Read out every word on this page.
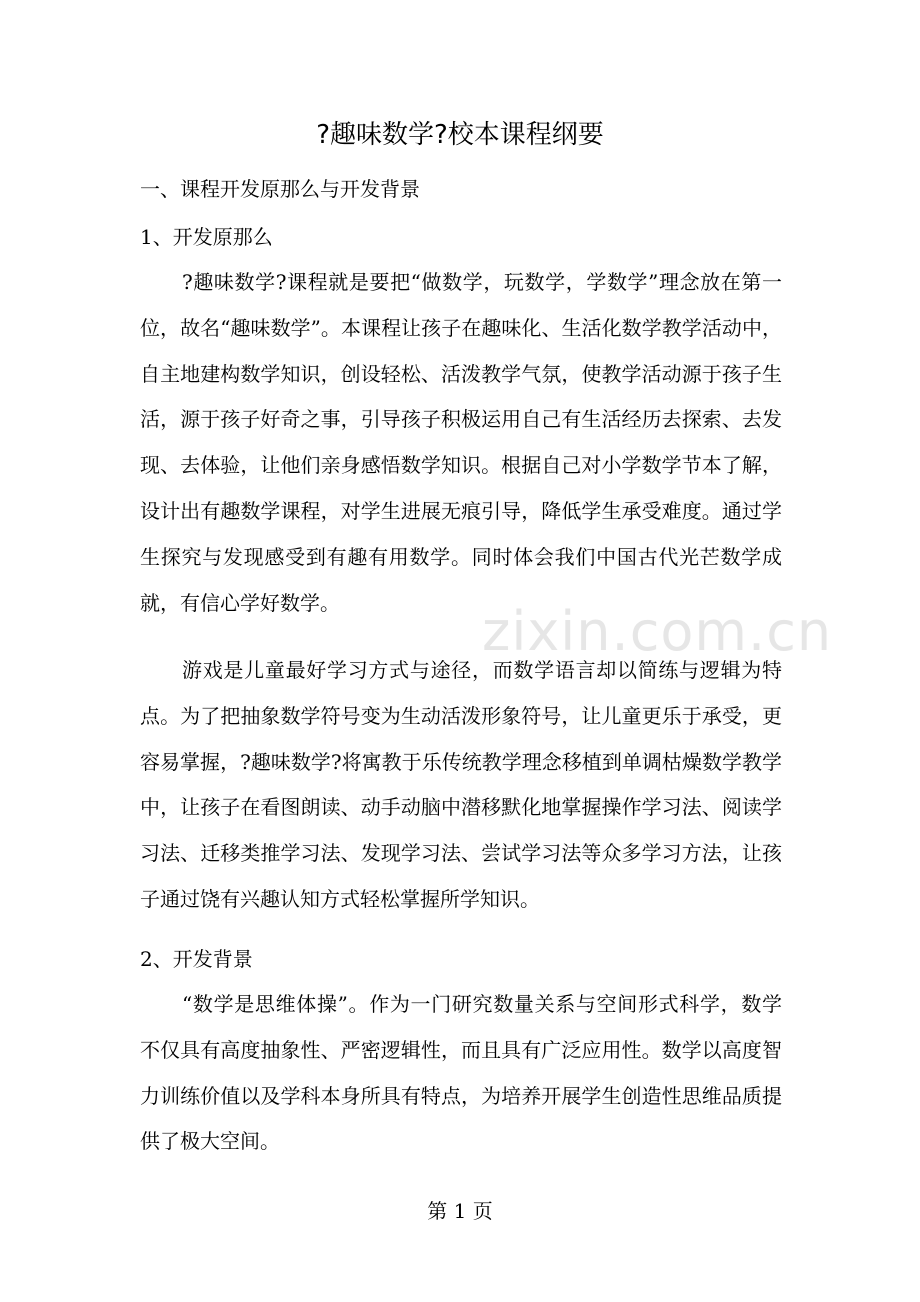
?趣味数学?校本课程纲要
一、课程开发原那么与开发背景
1、开发原那么
?趣味数学?课程就是要把“做数学，玩数学，学数学”理念放在第一位，故名“趣味数学”。本课程让孩子在趣味化、生活化数学教学活动中，自主地建构数学知识，创设轻松、活泼教学气氛，使教学活动源于孩子生活，源于孩子好奇之事，引导孩子积极运用自己有生活经历去探索、去发现、去体验，让他们亲身感悟数学知识。根据自己对小学数学节本了解，设计出有趣数学课程，对学生进展无痕引导，降低学生承受难度。通过学生探究与发现感受到有趣有用数学。同时体会我们中国古代光芒数学成就，有信心学好数学。
游戏是儿童最好学习方式与途径，而数学语言却以简练与逻辑为特点。为了把抽象数学符号变为生动活泼形象符号，让儿童更乐于承受，更容易掌握，?趣味数学?将寓教于乐传统教学理念移植到单调枯燥数学教学中，让孩子在看图朗读、动手动脑中潜移默化地掌握操作学习法、阅读学习法、迁移类推学习法、发现学习法、尝试学习法等众多学习方法，让孩子通过饶有兴趣认知方式轻松掌握所学知识。
2、开发背景
“数学是思维体操”。作为一门研究数量关系与空间形式科学，数学不仅具有高度抽象性、严密逻辑性，而且具有广泛应用性。数学以高度智力训练价值以及学科本身所具有特点，为培养开展学生创造性思维品质提供了极大空间。
zixin.com.cn
第 1 页
